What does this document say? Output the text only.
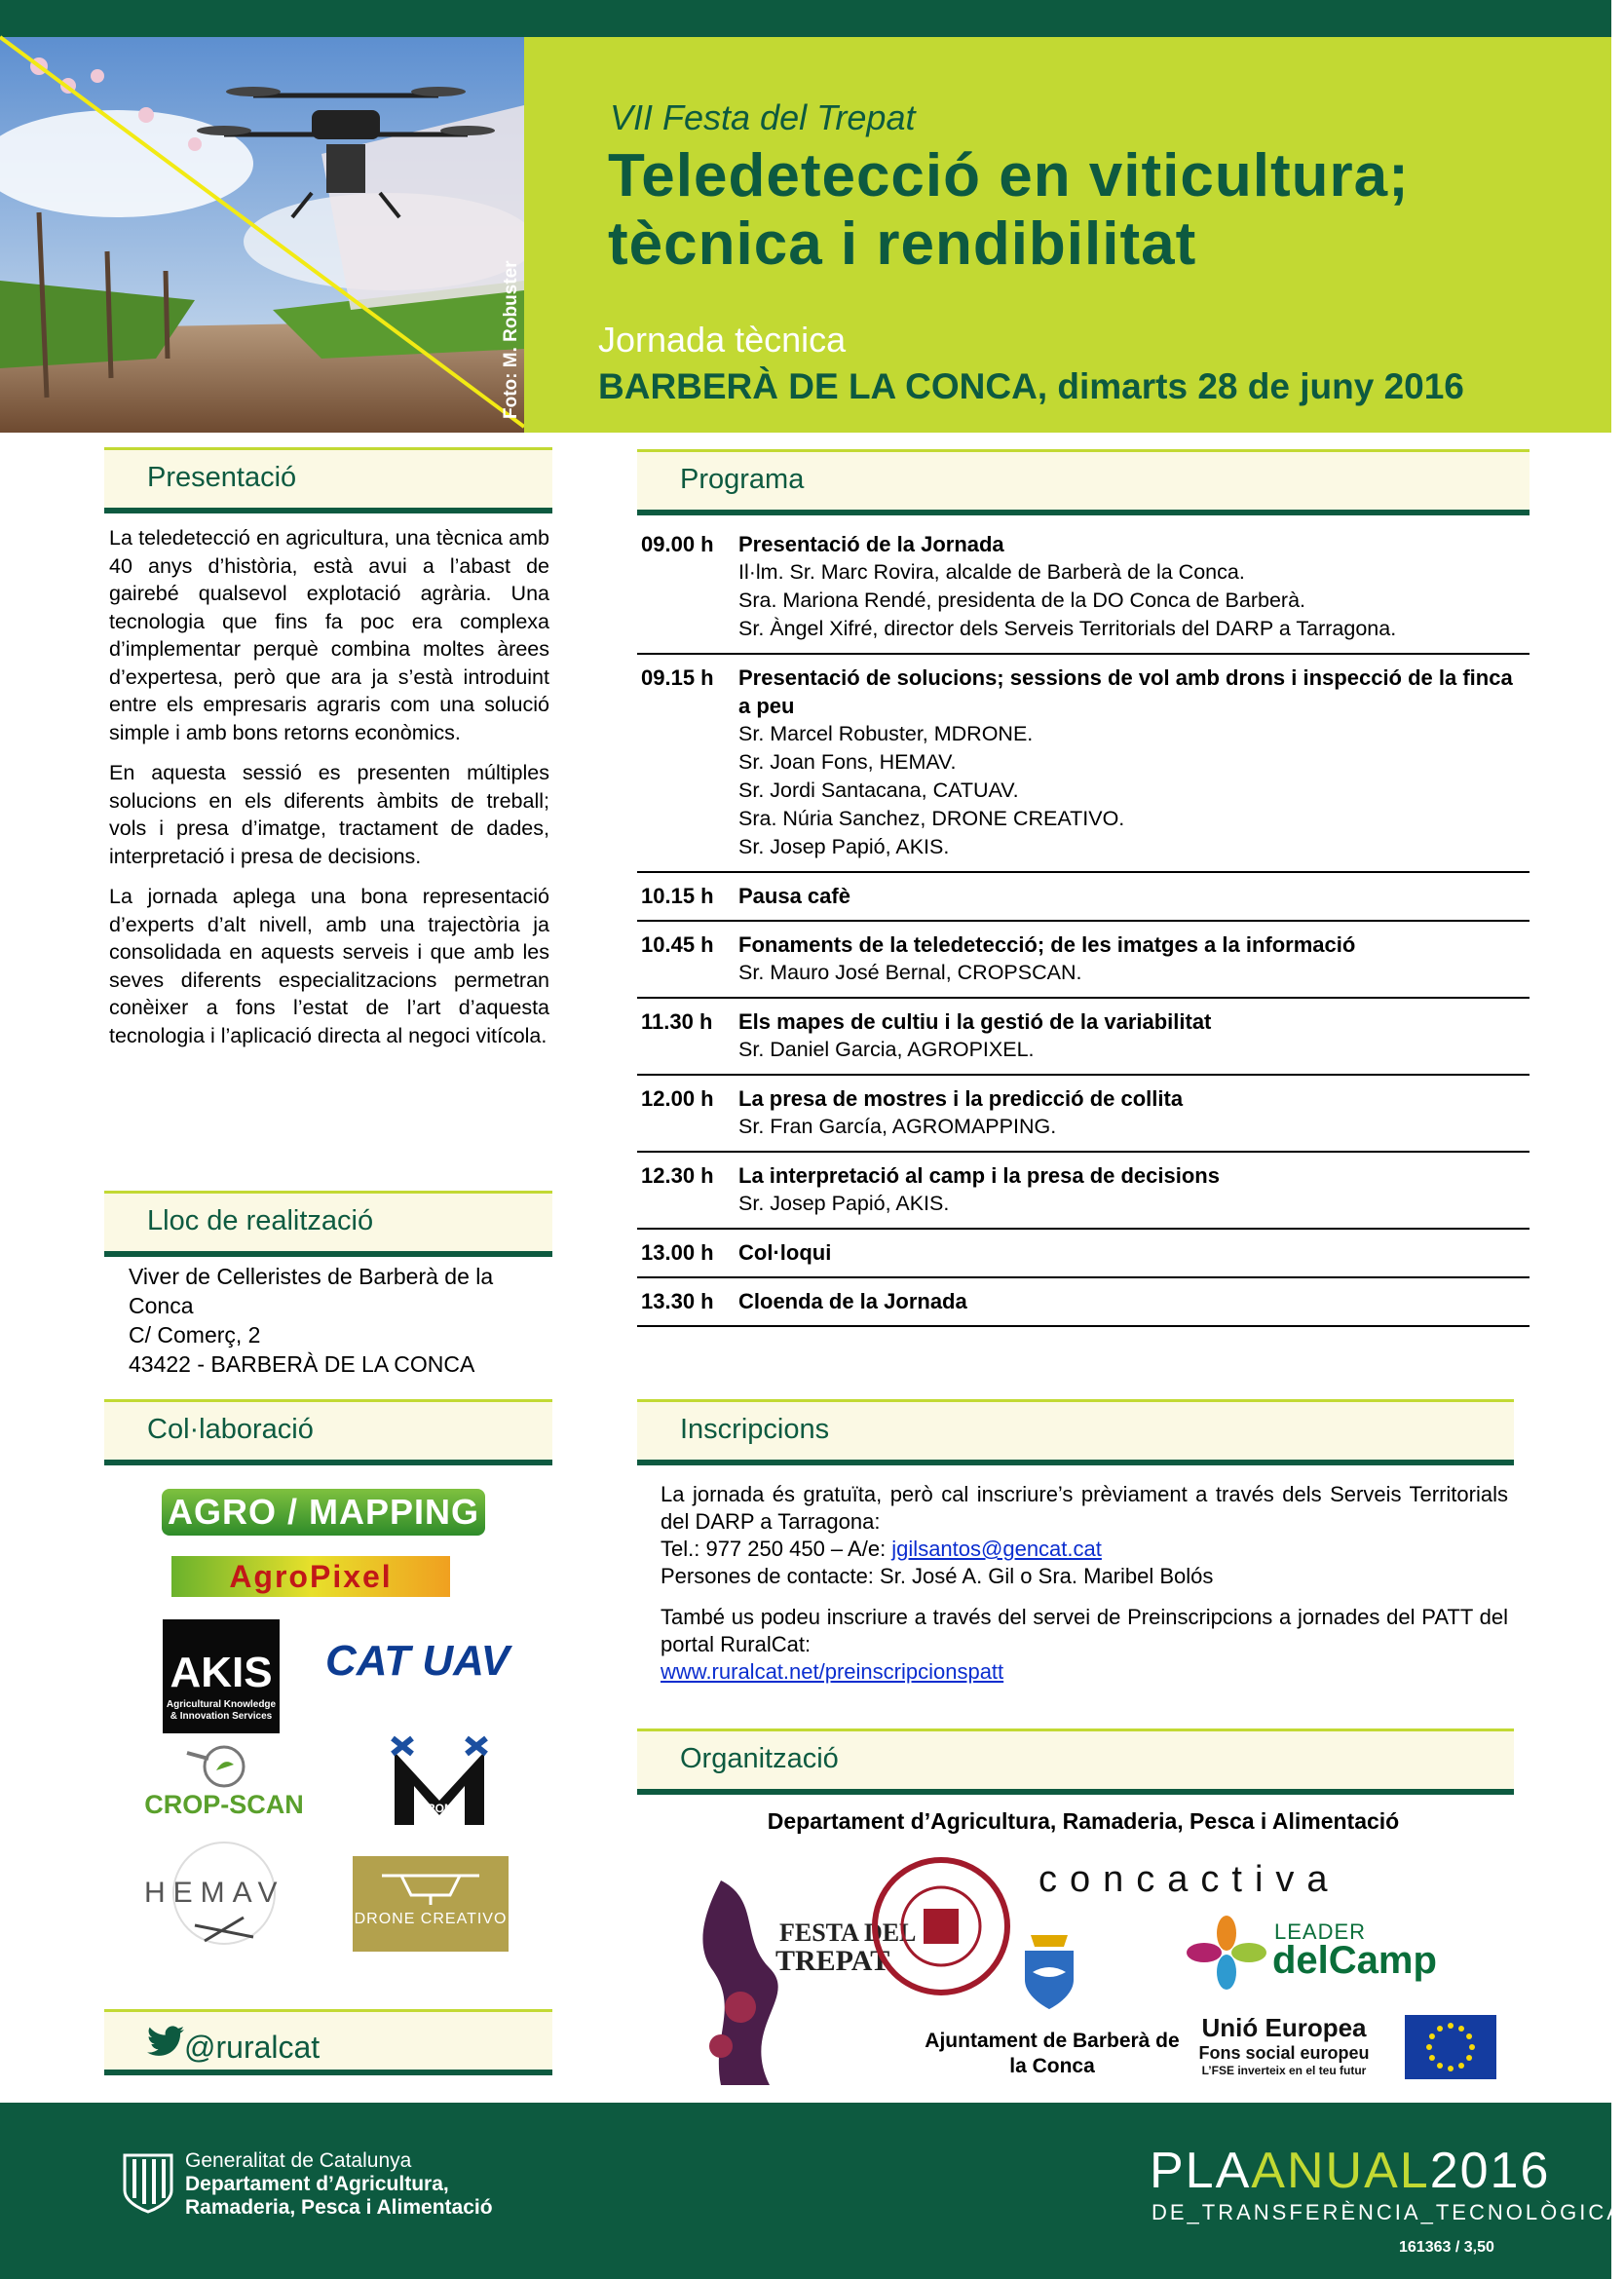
Foto: M. Robuster
VII Festa del Trepat
Teledetecció en viticultura;
tècnica i rendibilitat
Jornada tècnica
BARBERÀ DE LA CONCA, dimarts 28 de juny 2016
Presentació

La teledetecció en agricultura, una tècnica amb 40 anys d’història, està avui a l’abast de gairebé qualsevol explotació agrària. Una tecnologia que fins fa poc era complexa d’implementar perquè combina moltes àrees d’expertesa, però que ara ja s’està introduint entre els empresaris agraris com una solució simple i amb bons retorns econòmics.

En aquesta sessió es presenten múltiples solucions en els diferents àmbits de treball; vols i presa d’imatge, tractament de dades, interpretació i presa de decisions.

La jornada aplega una bona representació d’experts d’alt nivell, amb una trajectòria ja consolidada en aquests serveis i que amb les seves diferents especialitzacions permetran conèixer a fons l’estat de l’art d’aquesta tecnologia i l’aplicació directa al negoci vitícola.

Lloc de realització
Viver de Celleristes de Barberà de la
Conca
C/ Comerç, 2
43422 - BARBERÀ DE LA CONCA
Col·laboració
AGRO / MAPPING
AgroPixel
AKIS
Agricultural Knowledge & Innovation Services
CAT UAV
CROP-SCAN	DRONE
HEMAV
DRONE CREATIVO
@ruralcat
Programa
09.00 h Presentació de la Jornada
Il·lm. Sr. Marc Rovira, alcalde de Barberà de la Conca.
Sra. Mariona Rendé, presidenta de la DO Conca de Barberà.
Sr. Àngel Xifré, director dels Serveis Territorials del DARP a Tarragona.
09.15 h Presentació de solucions; sessions de vol amb drons i inspecció de la finca a peu
Sr. Marcel Robuster, MDRONE.
Sr. Joan Fons, HEMAV.
Sr. Jordi Santacana, CATUAV.
Sra. Núria Sanchez, DRONE CREATIVO.
Sr. Josep Papió, AKIS.
10.15 h Pausa cafè
10.45 h Fonaments de la teledetecció; de les imatges a la informació
Sr. Mauro José Bernal, CROPSCAN.
11.30 h Els mapes de cultiu i la gestió de la variabilitat
Sr. Daniel Garcia, AGROPIXEL.
12.00 h La presa de mostres i la predicció de collita
Sr. Fran García, AGROMAPPING.
12.30 h La interpretació al camp i la presa de decisions
Sr. Josep Papió, AKIS.
13.00 h Col·loqui
13.30 h Cloenda de la Jornada
Inscripcions

La jornada és gratuïta, però cal inscriure’s prèviament a través dels Serveis Territorials del DARP a Tarragona:
Tel.: 977 250 450 – A/e: jgilsantos@gencat.cat
Persones de contacte: Sr. José A. Gil o Sra. Maribel Bolós

També us podeu inscriure a través del servei de Preinscripcions a jornades del PATT del portal RuralCat:
www.ruralcat.net/preinscripcionspatt

Organització
Departament d’Agricultura, Ramaderia, Pesca i Alimentació
FESTA DEL
TREPAT
concactiva
LEADER
delCamp
Ajuntament de Barberà de la Conca
Unió Europea
Fons social europeu
L’FSE inverteix en el teu futur
Generalitat de Catalunya
Departament d’Agricultura,
Ramaderia, Pesca i Alimentació
PLAANUAL2016
DE_TRANSFERÈNCIA_TECNOLÒGICA
161363 / 3,50
